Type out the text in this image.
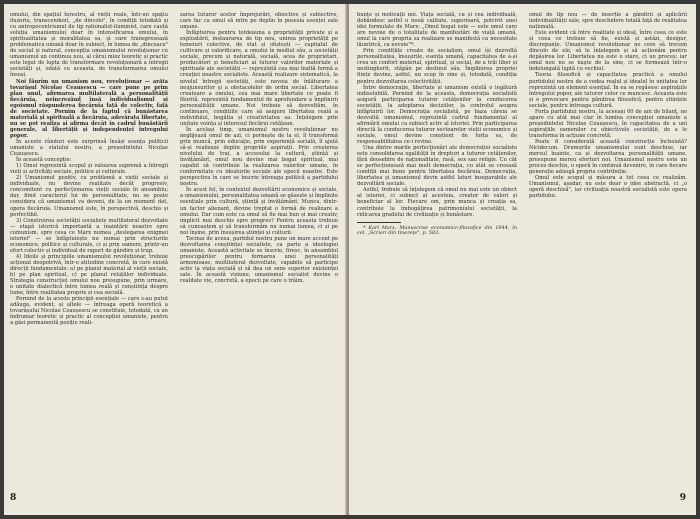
omului, din spațiul terestru, al vieții reale, într-un spațiu iluzoriu, transcendent, „de dincolo", în condiții totodată și cu antropocentrismul de tip rationalist-iluminist, care caută soluția umanismului doar în intensificarea omului, în spiritualitatea și moralitatea sa, și care transgresează problematica umană doar în subiect, în lumea de „dincoace" de social și natural, concepția umanismului revoluționar cu umanismul un continuu nou, al cărui miez teoretic și practic este legat de lupta de transformare revoluționară a întregii societăți și, odată cu aceasta, de transformarea omului însuși.

Noi făurim un umanism nou, revoluționar — arăta tovarășul Nicolae Ceaușescu — care pune pe prim plan unul, afirmarea multilaterală a personalității fiecăruia, neîncrezând însă individualismul și egoismul răspunderea fiecăruia față de colectiv, față de societate. Pornim de la faptul că bunăstarea materială și spirituală a fiecăruia, adevărata libertate, nu se pot realiza și afirma decât în cadrul bunăstării generale, al libertății și independenței întregului popor.

În aceste rânduri este surprinsă însăși esența politicii umaniste a statului nostru, a președintelui Nicolae Ceaușescu.

În această concepție:

1) Omul reprezintă scopul și valoarea supremă a întregii vieți și activități sociale, politice și culturale.

2) Umanismul pozitiv, ca problemă a vieții sociale și individuale, nu devine realitate decât progresiv, concomitent cu perfecționarea vieții sociale în ansamblu; dar, fiind caracterul lui de personalitate, nu se poate considera că umanismul va deveni, de la un moment dat, opera fiecăruia. Umanismul este, în perspectivă, deschis și perfectibil.

3) Construirea societății socialiste multilateral dezvoltate — etapă istorică importantă a înaintării noastre spre comunism, spre ceea ce Marx numea „deslegarea enigmei istoriei" — se înfăptuiește nu numai prin structurile economice, politice și culturale, ci și prin oameni, printr-un efort colectiv și individual de raport de gândire și trup.

4) Ideile și principiile umanismului revoluționar, trebuie acționat deopotrivă, într-o atitudine concretă, în care există direcții fundamentale: a) pe planul material al vieții sociale, b) pe plan spiritual, c) pe planul relațiilor individuale. Strategia construcției omului nou presupune, prin urmare, o unitate dialectică între lumea reală și conștiința despre lume, între realitatea proprie și cea socială.

Pornind de la aceste principii esențiale — care s-au putut adăuga, evident, și altele — întreaga operă teoretică a tovarășului Nicolae Ceaușescu se constituie, totodată, ca un îndrumar teoretic și practic al concepției umaniste, pentru a găsi permanentă poziție reali-

zarea tuturor acelor împrejurări, obiective și subiective, care fac ca omul să intre pe deplin în posesia esenței sale umane.

Înfăptuirea pentru totdeauna a proprietății private și a exploatării, instaurarea de tip nou, unirea proprietății pe temeiuri colective, de stat și obștești — capitalul de cultivare și valorificare, a omului în mediul său, a societății sociale, precum și naturală, socială, acea de proprietari, producători și beneficiari ai tuturor valorilor materiale și spirituale ale societății — reprezintă cea mai înaltă formă a creației noastre socialiste. Această realizare sistematică, la nivelul întregii societăți, este nevoia de înlăturare a neajunsurilor și a obstacolelor de ordin social. Libertatea creatoare a omului, cea mai mare libertate ce poate fi făurită, reprezintă fundamentul de aprofundare a împlinirii personalității umane. Noi trebuie să dezvoltăm, în continuare, condițiile care să asigure libertatea reală a individului, bogăția și creativitatea sa. Înțelegem prin unitate voința și interesul fiecărui cetățean.

În același timp, umanismul nostru revoluționar nu neglijează omul de azi, ci pornește de la el, îl transformă prin muncă, prin educație, prin experiență socială, îl ajută să-și realizeze deplin propriile aspirații. Prin creșterea nivelului de trai, a accesului la cultură, știință și învățământ, omul nou devine mai bogat spiritual, mai capabil să contribuie la realizarea valorilor umane, în conformitate cu idealurile sociale ale epocii noastre. Este perspectiva în care se înscrie întreaga politică a partidului nostru.

În acest fel, în contextul dezvoltării economice și sociale, a umanismului, personalitatea umană se găsește și împlinite esențiale prin cultură, știință și învățământ. Munca, dintr-un factor alienant, devine treptat o formă de realizare a omului. Dar cum este ca omul să fie mai bun și mai creativ, implicit mai deschis spre progres? Pentru aceasta trebuie să cunoaștem și să transformăm nu numai lumea, ci și pe noi înșine, prin însușirea științei și culturii.

Tocmai de aceea, partidul nostru pune un mare accent pe dezvoltarea conștiinței socialiste, ca parte a ideologiei umaniste. Această activitate se înscrie, firesc, în ansamblul preocupărilor pentru formarea unei personalități armonioase, multilateral dezvoltate, capabile să participe activ la viața socială și să dea un sens superior existenței sale. În această viziune, umanismul socialist devine o realitate vie, concretă, a epocii pe care o trăim.

8

bunțe și motivații noi. Viața socială, ca și cea individuală, dobândesc astfel o nouă calitate, superioară, potrivit unei idei formulate de Marx: „Omul bogat este — este omul care are nevoie de o totalitate de manifestări de viață umană, omul la care propria sa realizare se manifestă ca necesitate lăuntrică, ca nevoie"*.

Prin condițiile create de socialism, omul își dezvoltă personalitatea, însușirile, esența umană, capacitatea de a-și crea un confort material, spiritual, și social, de a trăi liber și nestingherit, stăpân pe destinul său. Împlinirea propriei ființe devine, astfel, un scop în sine și, totodată, condiția pentru dezvoltarea colectivității.

Între democrație, libertate și umanism există o legătură indisolubilă. Pornind de la aceasta, democrația socialistă asigură participarea tuturor cetățenilor la conducerea societății, la adoptarea deciziilor, la controlul asupra înfăptuirii lor. Democrația socialistă, pe baza căreia se dezvoltă umanismul, reprezintă cadrul fundamental al afirmării omului ca subiect activ al istoriei. Prin participarea directă la conducerea tuturor sectoarelor vieții economice și sociale, omul devine conștient de forța sa, de responsabilitatea ce-i revine.

Una dintre marile perfecționări ale democrației socialiste este consolidarea egalității în drepturi a tuturor cetățenilor, fără deosebire de naționalitate, rasă, sex sau religie. Cu cât se perfecționează mai mult democrația, cu atât se creează condiții mai bune pentru libertatea fiecăruia. Democrația, libertatea și umanismul devin astfel laturi inseparabile ale dezvoltării sociale.

Astfel, trebuie să înțelegem că omul nu mai este un obiect al istoriei, ci subiect al acesteia, creator de valori și beneficiar al lor. Fiecare om, prin munca și creația sa, contribuie la îmbogățirea patrimoniului societății, la ridicarea gradului de civilizație și bunăstare.

* Karl Marx, Manuscrise economico-filozofice din 1844, în col. „Scrieri din tinerețe", p. 583.

omul de tip nou — de inserție a gândirii și aplicării individualității sale, spre deschidere totală față de realitatea națională.

Este evident că între realitate și ideal, între ceea ce este și ceea ce trebuie să fie, există și astăzi, desigur, discrepanțe. Umanismul revoluționar ne cere să trecem dincolo de ele, să le înțelegem și să acționăm pentru depășirea lor. Libertatea nu este o stare, ci un proces; iar omul nou nu se naște de la sine, ci se formează într-o îndelungată luptă cu vechiul.

Teoria filosofică și capacitatea practică a omului partidului nostru de a vedea realul și idealul în unitatea lor reprezintă un element esențial. În ea se regăsesc aspirațiile întregului popor, ale tuturor celor ce muncesc. Aceasta este și o provocare pentru gândirea filosofică, pentru științele sociale, pentru întreaga cultură.

Forța partidului nostru, la aceeași 60 de ani de bilanț, ne apare cu atât mai clar în lumina concepției umaniste a președintelui Nicolae Ceaușescu, în capacitatea de a uni aspirațiile oamenilor cu obiectivele societății, de a le transforma în acțiune concretă.

Poate fi considerată această construcție încheiată? Nicidecum. Drumurile umanismului sunt deschise, iar mersul înainte, ca și dezvoltarea personalității umane, presupune mereu eforturi noi. Umanismul nostru este un proces deschis, o operă în continuă devenire, în care fiecare generație adaugă propria contribuție.

Omul este scopul și măsura a tot ceea ce realizăm. Umanismul, așadar, nu este doar o idee abstractă, ci „o operă deschisă", iar civilizația noastră socialistă este opera partidului.

9
